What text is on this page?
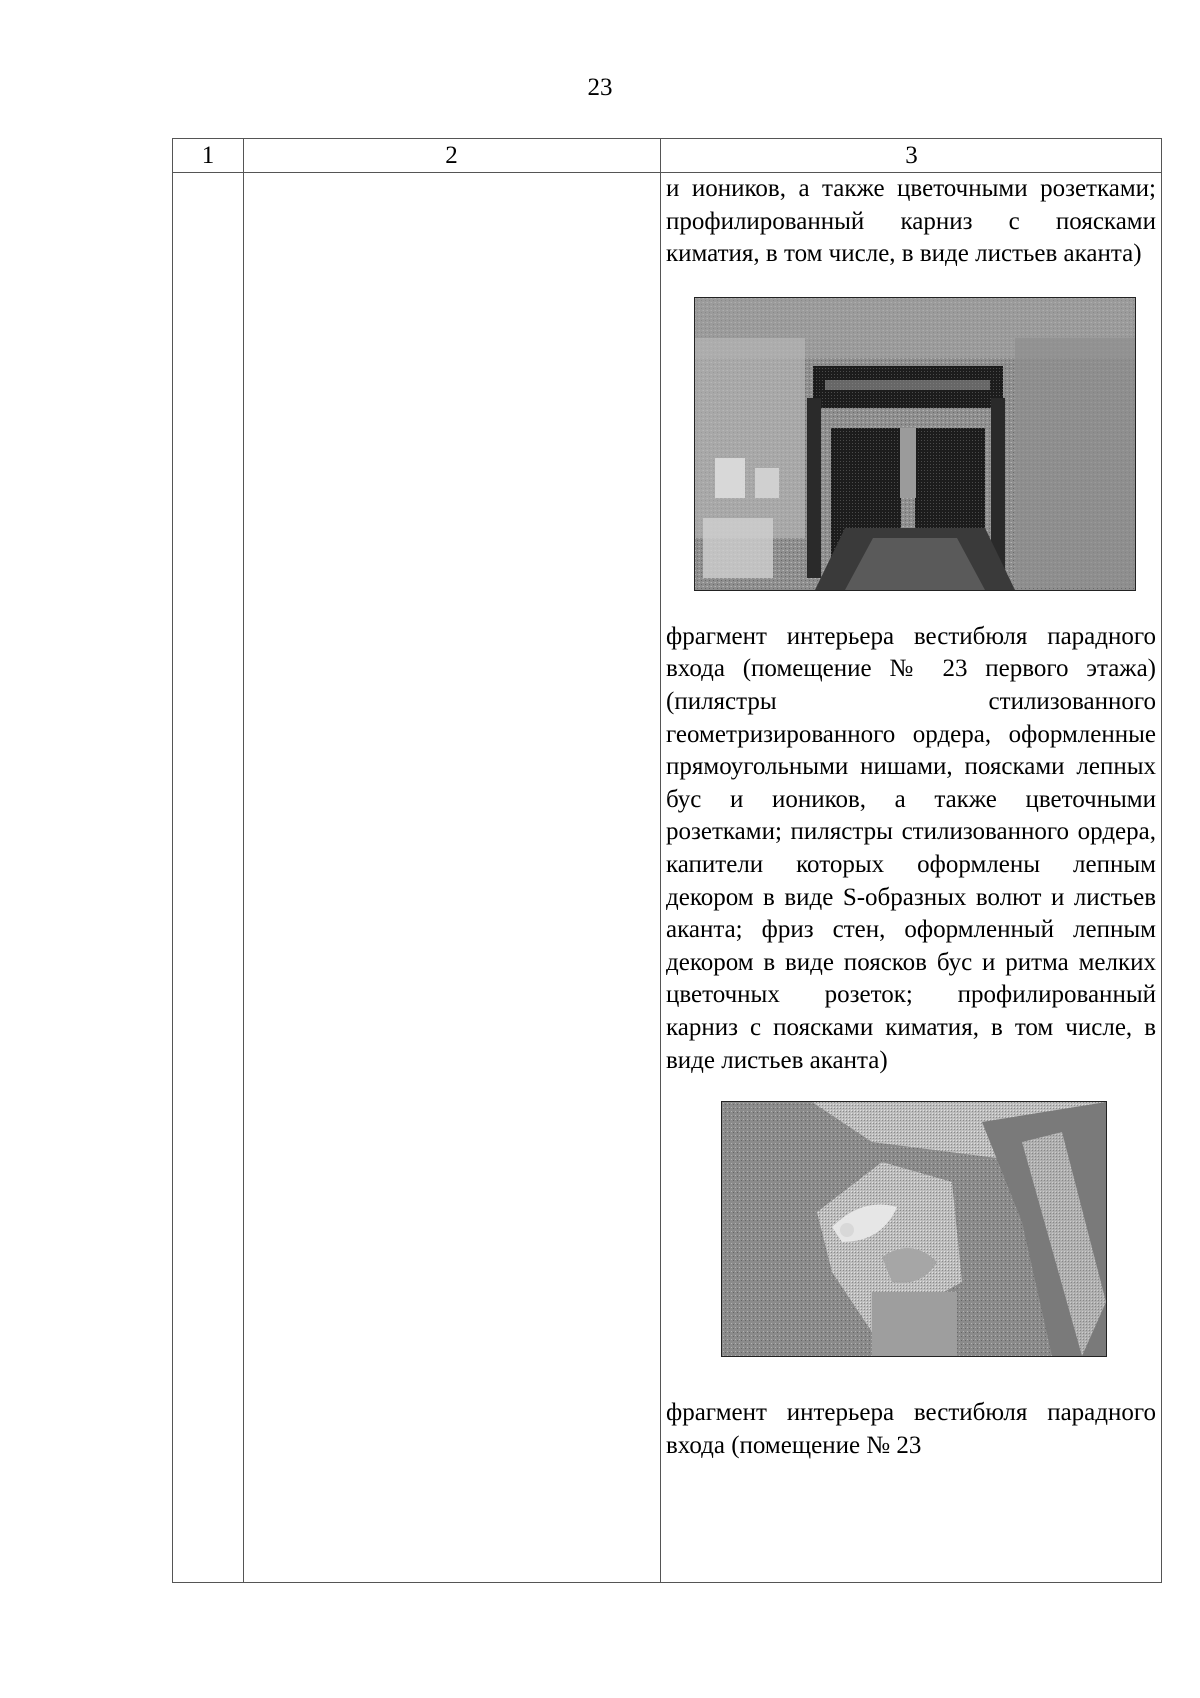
23
1	2	3

и иоников, а также цветочными розетками; профилированный карниз с поясками киматия, в том числе, в виде листьев аканта)

фрагмент интерьера вестибюля парадного входа (помещение № 23 первого этажа) (пилястры стилизованного геометризированного ордера, оформленные прямоугольными нишами, поясками лепных бус и иоников, а также цветочными розетками; пилястры стилизованного ордера, капители которых оформлены лепным декором в виде S-образных волют и листьев аканта; фриз стен, оформленный лепным декором в виде поясков бус и ритма мелких цветочных розеток; профилированный карниз с поясками киматия, в том числе, в виде листьев аканта)

фрагмент интерьера вестибюля парадного входа (помещение № 23
